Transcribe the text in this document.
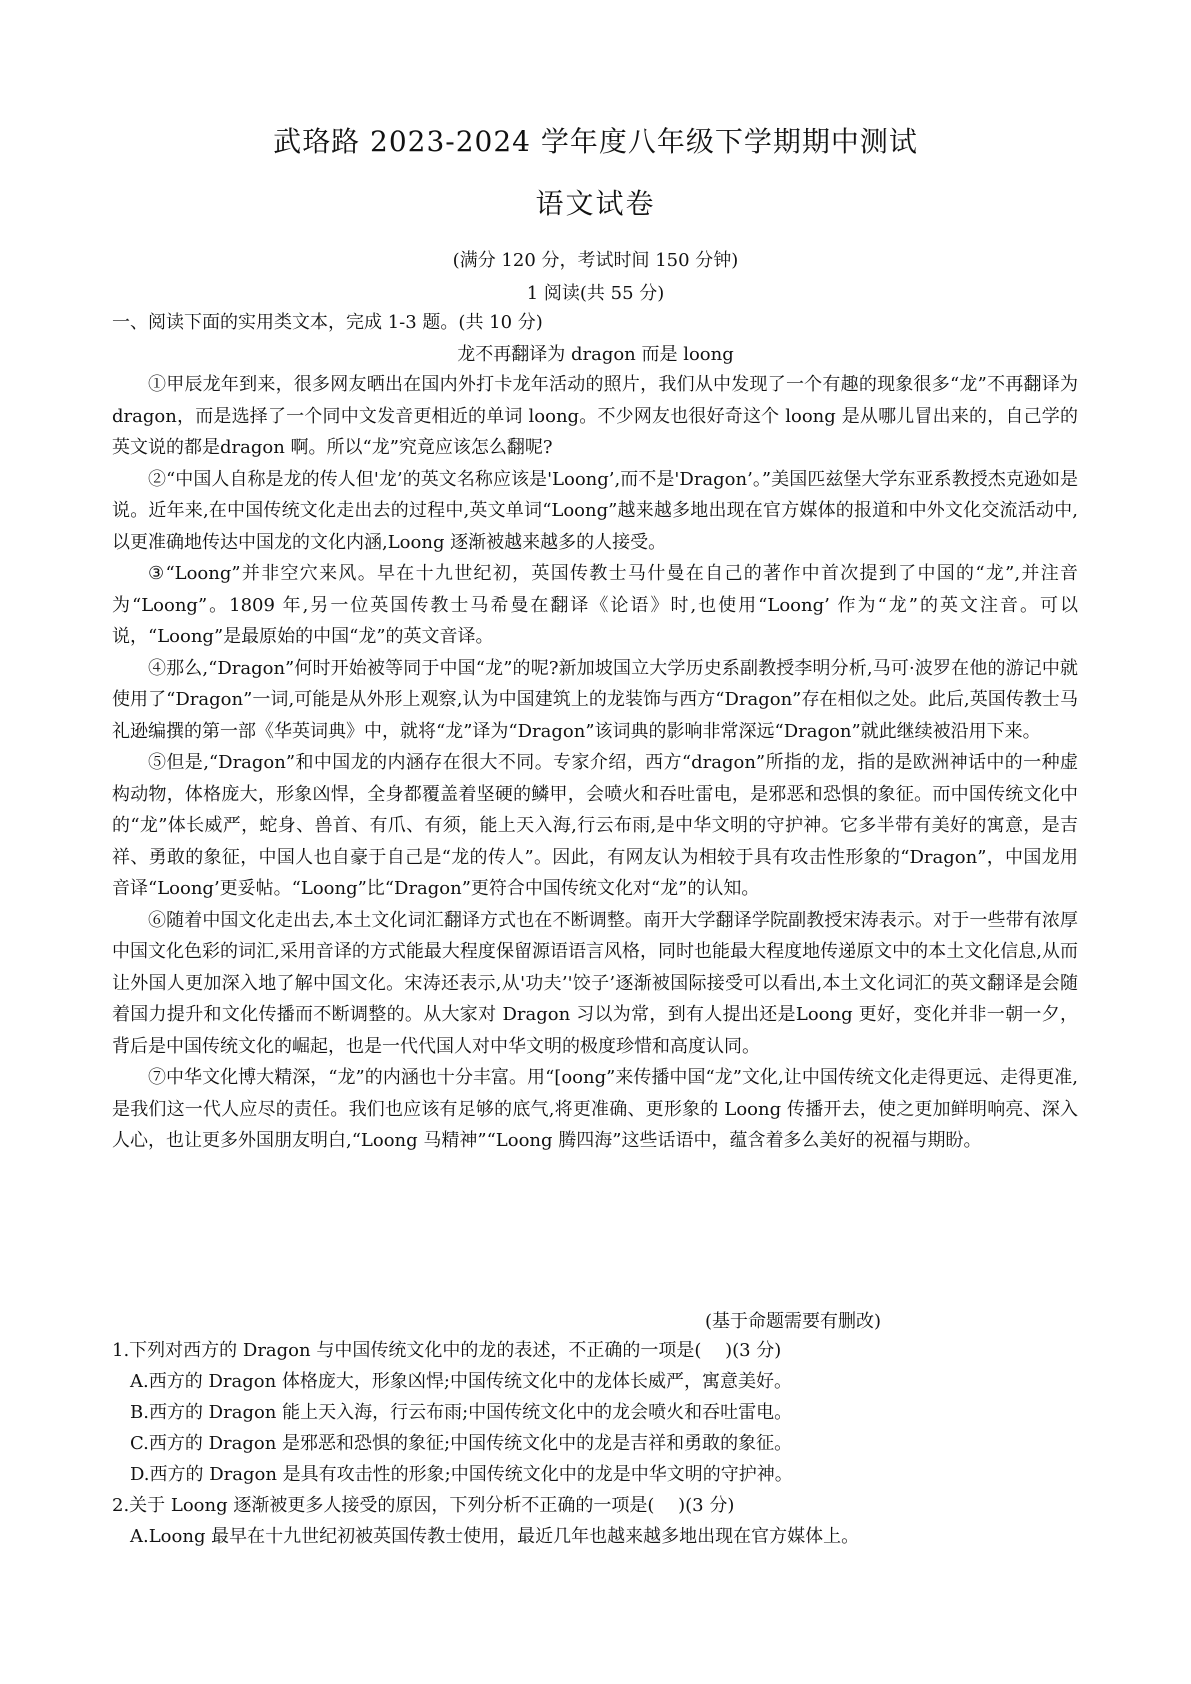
武珞路 2023-2024 学年度八年级下学期期中测试
语文试卷
(满分 120 分，考试时间 150 分钟)
1 阅读(共 55 分)
一、阅读下面的实用类文本，完成 1-3 题。(共 10 分)
龙不再翻译为 dragon 而是 loong

①甲辰龙年到来，很多网友晒出在国内外打卡龙年活动的照片，我们从中发现了一个有趣的现象很多“龙”不再翻译为 dragon，而是选择了一个同中文发音更相近的单词 loong。不少网友也很好奇这个 loong 是从哪儿冒出来的，自己学的英文说的都是dragon 啊。所以“龙”究竟应该怎么翻呢?

②“中国人自称是龙的传人但'龙’的英文名称应该是'Loong’,而不是'Dragon’。”美国匹兹堡大学东亚系教授杰克逊如是说。近年来,在中国传统文化走出去的过程中,英文单词“Loong”越来越多地出现在官方媒体的报道和中外文化交流活动中,以更准确地传达中国龙的文化内涵,Loong 逐渐被越来越多的人接受。

③“Loong”并非空穴来风。早在十九世纪初，英国传教士马什曼在自己的著作中首次提到了中国的“龙”,并注音为“Loong”。1809 年,另一位英国传教士马希曼在翻译《论语》时,也使用“Loong’ 作为“龙”的英文注音。可以说，“Loong”是最原始的中国“龙”的英文音译。

④那么,“Dragon”何时开始被等同于中国“龙”的呢?新加坡国立大学历史系副教授李明分析,马可·波罗在他的游记中就使用了“Dragon”一词,可能是从外形上观察,认为中国建筑上的龙装饰与西方“Dragon”存在相似之处。此后,英国传教士马礼逊编撰的第一部《华英词典》中，就将“龙”译为“Dragon”该词典的影响非常深远“Dragon”就此继续被沿用下来。

⑤但是,“Dragon”和中国龙的内涵存在很大不同。专家介绍，西方“dragon”所指的龙，指的是欧洲神话中的一种虚构动物，体格庞大，形象凶悍，全身都覆盖着坚硬的鳞甲，会喷火和吞吐雷电，是邪恶和恐惧的象征。而中国传统文化中的“龙”体长威严，蛇身、兽首、有爪、有须，能上天入海,行云布雨,是中华文明的守护神。它多半带有美好的寓意，是吉祥、勇敢的象征，中国人也自豪于自己是“龙的传人”。因此，有网友认为相较于具有攻击性形象的“Dragon”，中国龙用音译“Loong’更妥帖。“Loong”比“Dragon”更符合中国传统文化对“龙”的认知。

⑥随着中国文化走出去,本土文化词汇翻译方式也在不断调整。南开大学翻译学院副教授宋涛表示。对于一些带有浓厚中国文化色彩的词汇,采用音译的方式能最大程度保留源语语言风格，同时也能最大程度地传递原文中的本土文化信息,从而让外国人更加深入地了解中国文化。宋涛还表示,从'功夫’'饺子’逐渐被国际接受可以看出,本土文化词汇的英文翻译是会随着国力提升和文化传播而不断调整的。从大家对 Dragon 习以为常，到有人提出还是Loong 更好，变化并非一朝一夕，背后是中国传统文化的崛起，也是一代代国人对中华文明的极度珍惜和高度认同。

⑦中华文化博大精深，“龙”的内涵也十分丰富。用“[oong”来传播中国“龙”文化,让中国传统文化走得更远、走得更准,是我们这一代人应尽的责任。我们也应该有足够的底气,将更准确、更形象的 Loong 传播开去，使之更加鲜明响亮、深入人心，也让更多外国朋友明白,“Loong 马精神”“Loong 腾四海”这些话语中，蕴含着多么美好的祝福与期盼。

(基于命题需要有删改)
1.下列对西方的 Dragon 与中国传统文化中的龙的表述，不正确的一项是(　 )(3 分)
A.西方的 Dragon 体格庞大，形象凶悍;中国传统文化中的龙体长威严，寓意美好。
B.西方的 Dragon 能上天入海，行云布雨;中国传统文化中的龙会喷火和吞吐雷电。
C.西方的 Dragon 是邪恶和恐惧的象征;中国传统文化中的龙是吉祥和勇敢的象征。
D.西方的 Dragon 是具有攻击性的形象;中国传统文化中的龙是中华文明的守护神。
2.关于 Loong 逐渐被更多人接受的原因，下列分析不正确的一项是(　 )(3 分)
A.Loong 最早在十九世纪初被英国传教士使用，最近几年也越来越多地出现在官方媒体上。
